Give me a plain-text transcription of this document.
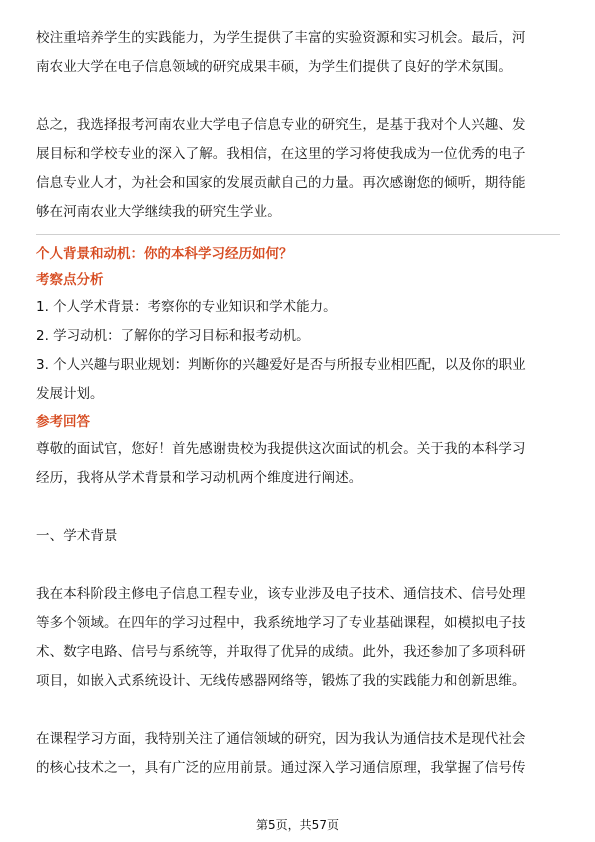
校注重培养学生的实践能力，为学生提供了丰富的实验资源和实习机会。最后，河

南农业大学在电子信息领域的研究成果丰硕，为学生们提供了良好的学术氛围。

总之，我选择报考河南农业大学电子信息专业的研究生，是基于我对个人兴趣、发

展目标和学校专业的深入了解。我相信，在这里的学习将使我成为一位优秀的电子

信息专业人才，为社会和国家的发展贡献自己的力量。再次感谢您的倾听，期待能

够在河南农业大学继续我的研究生学业。

个人背景和动机：你的本科学习经历如何？

考察点分析

1. 个人学术背景：考察你的专业知识和学术能力。

2. 学习动机：了解你的学习目标和报考动机。

3. 个人兴趣与职业规划：判断你的兴趣爱好是否与所报专业相匹配，以及你的职业

发展计划。

参考回答

尊敬的面试官，您好！首先感谢贵校为我提供这次面试的机会。关于我的本科学习

经历，我将从学术背景和学习动机两个维度进行阐述。

一、学术背景

我在本科阶段主修电子信息工程专业，该专业涉及电子技术、通信技术、信号处理

等多个领域。在四年的学习过程中，我系统地学习了专业基础课程，如模拟电子技

术、数字电路、信号与系统等，并取得了优异的成绩。此外，我还参加了多项科研

项目，如嵌入式系统设计、无线传感器网络等，锻炼了我的实践能力和创新思维。

在课程学习方面，我特别关注了通信领域的研究，因为我认为通信技术是现代社会

的核心技术之一，具有广泛的应用前景。通过深入学习通信原理，我掌握了信号传

第5页，共57页
